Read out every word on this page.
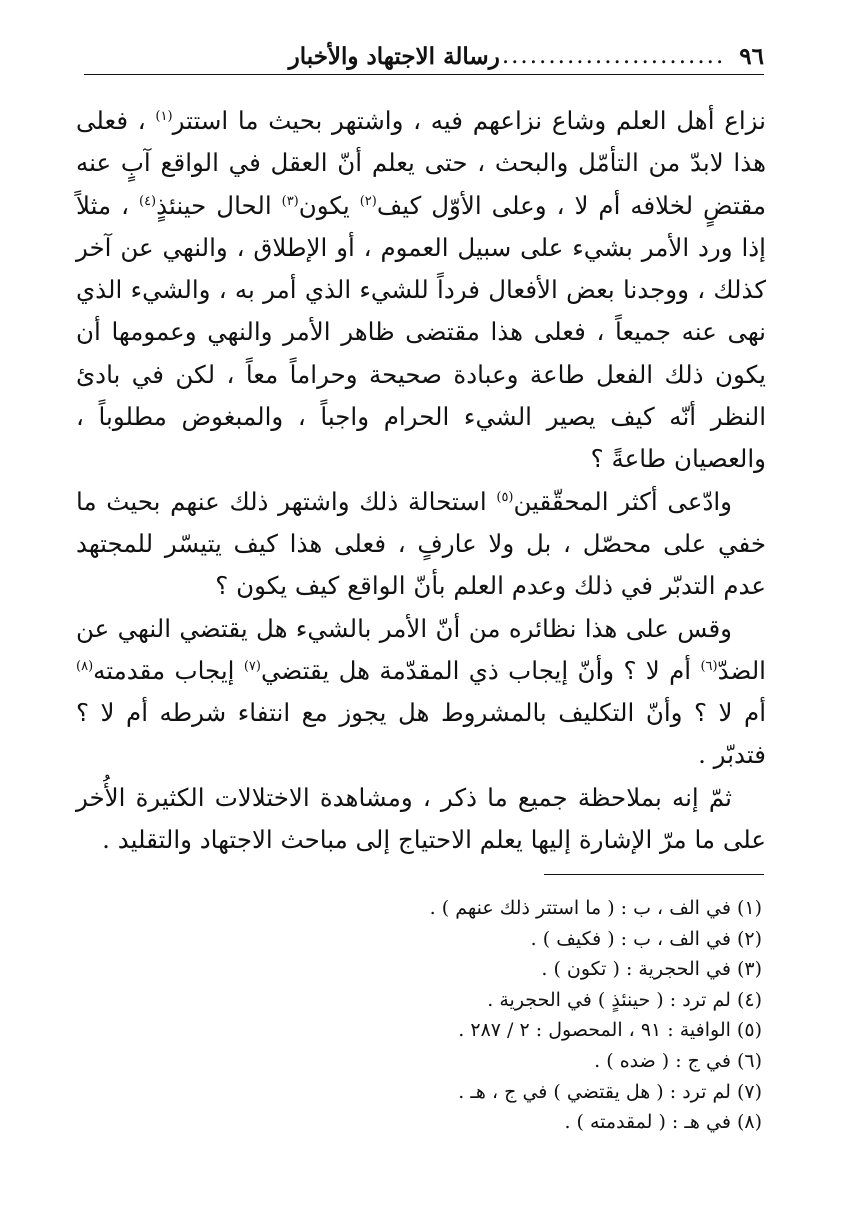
٩٦
........................
رسالة الاجتهاد والأخبار

نزاع أهل العلم وشاع نزاعهم فيه ، واشتهر بحيث ما استتر$^{(١)}$ ، فعلى هذا لابدّ من التأمّل والبحث ، حتى يعلم أنّ العقل في الواقع آبٍ عنه مقتضٍ لخلافه أم لا ، وعلى الأوّل كيف$^{(٢)}$ يكون$^{(٣)}$ الحال حينئذٍ$^{(٤)}$ ، مثلاً إذا ورد الأمر بشيء على سبيل العموم ، أو الإطلاق ، والنهي عن آخر كذلك ، ووجدنا بعض الأفعال فرداً للشيء الذي أمر به ، والشيء الذي نهى عنه جميعاً ، فعلى هذا مقتضى ظاهر الأمر والنهي وعمومها أن يكون ذلك الفعل طاعة وعبادة صحيحة وحراماً معاً ، لكن في بادئ النظر أنّه كيف يصير الشيء الحرام واجباً ، والمبغوض مطلوباً ، والعصيان طاعةً ؟

وادّعى أكثر المحقّقين$^{(٥)}$ استحالة ذلك واشتهر ذلك عنهم بحيث ما خفي على محصّل ، بل ولا عارفٍ ، فعلى هذا كيف يتيسّر للمجتهد عدم التدبّر في ذلك وعدم العلم بأنّ الواقع كيف يكون ؟

وقس على هذا نظائره من أنّ الأمر بالشيء هل يقتضي النهي عن الضدّ$^{(٦)}$ أم لا ؟ وأنّ إيجاب ذي المقدّمة هل يقتضي$^{(٧)}$ إيجاب مقدمته$^{(٨)}$ أم لا ؟ وأنّ التكليف بالمشروط هل يجوز مع انتفاء شرطه أم لا ؟ فتدبّر .

ثمّ إنه بملاحظة جميع ما ذكر ، ومشاهدة الاختلالات الكثيرة الأُخر على ما مرّ الإشارة إليها يعلم الاحتياج إلى مباحث الاجتهاد والتقليد .

(١) في الف ، ب : ( ما استتر ذلك عنهم ) .
(٢) في الف ، ب : ( فكيف ) .
(٣) في الحجرية : ( تكون ) .
(٤) لم ترد : ( حينئذٍ ) في الحجرية .
(٥) الوافية : ٩١ ، المحصول : ٢ / ٢٨٧ .
(٦) في ج : ( ضده ) .
(٧) لم ترد : ( هل يقتضي ) في ج ، هـ .
(٨) في هـ : ( لمقدمته ) .
